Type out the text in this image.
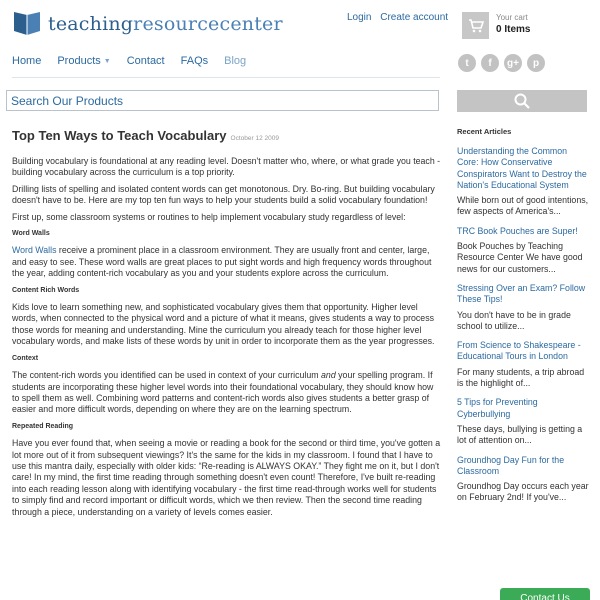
teachingresourcecenter	Login Create account	Your cart
0 Items
Home Products ▼ Contact FAQs Blog	t	f	g+	p
Search Our Products
Top Ten Ways to Teach Vocabulary October 12 2009

Building vocabulary is foundational at any reading level. Doesn't matter who, where, or what grade you teach - building vocabulary across the curriculum is a top priority.

Drilling lists of spelling and isolated content words can get monotonous. Dry. Bo-ring. But building vocabulary doesn't have to be. Here are my top ten fun ways to help your students build a solid vocabulary foundation!

First up, some classroom systems or routines to help implement vocabulary study regardless of level:

Word Walls

Word Walls receive a prominent place in a classroom environment. They are usually front and center, large, and easy to see. These word walls are great places to put sight words and high frequency words throughout the year, adding content-rich vocabulary as you and your students explore across the curriculum.

Content Rich Words

Kids love to learn something new, and sophisticated vocabulary gives them that opportunity. Higher level words, when connected to the physical word and a picture of what it means, gives students a way to process those words for meaning and understanding. Mine the curriculum you already teach for those higher level vocabulary words, and make lists of these words by unit in order to incorporate them as the year progresses.

Context

The content-rich words you identified can be used in context of your curriculum and your spelling program. If students are incorporating these higher level words into their foundational vocabulary, they should know how to spell them as well. Combining word patterns and content-rich words also gives students a better grasp of easier and more difficult words, depending on where they are on the learning spectrum.

Repeated Reading

Have you ever found that, when seeing a movie or reading a book for the second or third time, you've gotten a lot more out of it from subsequent viewings? It's the same for the kids in my classroom. I found that I have to use this mantra daily, especially with older kids: “Re-reading is ALWAYS OKAY.” They fight me on it, but I don't care! In my mind, the first time reading through something doesn't even count! Therefore, I've built re-reading into each reading lesson along with identifying vocabulary - the first time read-through works well for students to simply find and record important or difficult words, which we then review. Then the second time reading through a piece, understanding on a variety of levels comes easier.

Recent Articles
Understanding the Common Core: How Conservative Conspirators Want to Destroy the Nation's Educational System
While born out of good intentions, few aspects of America's...
TRC Book Pouches are Super!
Book Pouches by Teaching Resource Center We have good news for our customers...
Stressing Over an Exam? Follow These Tips!
You don't have to be in grade school to utilize...
From Science to Shakespeare - Educational Tours in London
For many students, a trip abroad is the highlight of...
5 Tips for Preventing Cyberbullying
These days, bullying is getting a lot of attention on...
Groundhog Day Fun for the Classroom
Groundhog Day occurs each year on February 2nd! If you've...
Contact Us
